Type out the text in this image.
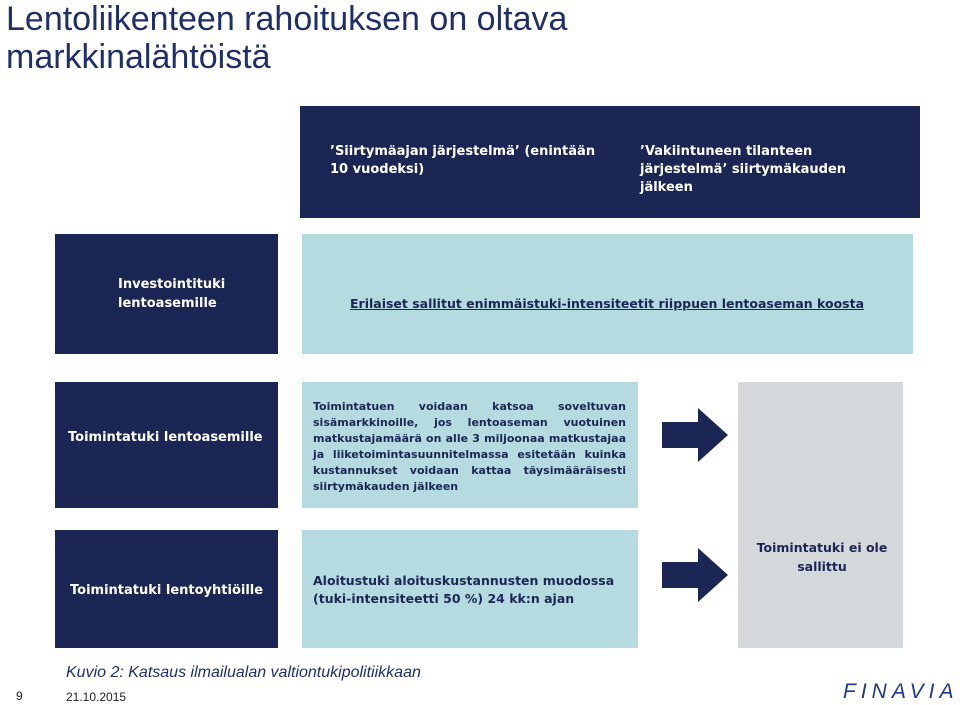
Lentoliikenteen rahoituksen on oltava markkinalähtöistä
’Siirtymäajan järjestelmä’ (enintään 10 vuodeksi)
’Vakiintuneen tilanteen järjestelmä’ siirtymäkauden jälkeen
Investointituki lentoasemille	Erilaiset sallitut enimmäistuki-intensiteetit riippuen lentoaseman koosta
Toimintatuki lentoasemille
Toimintatuen voidaan katsoa soveltuvan sisämarkkinoille, jos lentoaseman vuotuinen matkustajamäärä on alle 3 miljoonaa matkustajaa ja liiketoimintasuunnitelmassa esitetään kuinka kustannukset voidaan kattaa täysimääräisesti siirtymäkauden jälkeen
Toimintatuki lentoyhtiöille
Aloitustuki aloituskustannusten muodossa (tuki-intensiteetti 50 %) 24 kk:n ajan
Toimintatuki ei ole sallittu
Kuvio 2: Katsaus ilmailualan valtiontukipolitiikkaan
9	21.10.2015	FINAVIA
